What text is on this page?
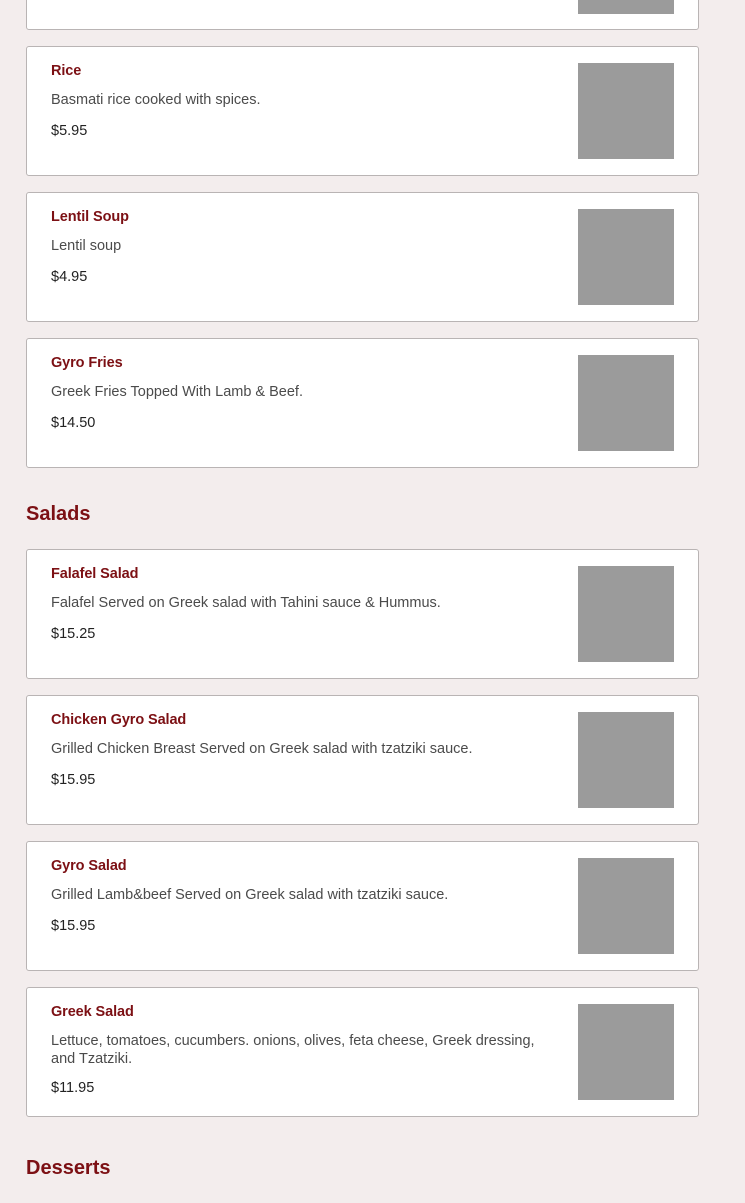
Rice
Basmati rice cooked with spices.
$5.95
Lentil Soup
Lentil soup
$4.95
Gyro Fries
Greek Fries Topped With Lamb & Beef.
$14.50
Salads
Falafel Salad
Falafel Served on Greek salad with Tahini sauce & Hummus.
$15.25
Chicken Gyro Salad
Grilled Chicken Breast Served on Greek salad with tzatziki sauce.
$15.95
Gyro Salad
Grilled Lamb&beef Served on Greek salad with tzatziki sauce.
$15.95
Greek Salad
Lettuce, tomatoes, cucumbers. onions, olives, feta cheese, Greek dressing, and Tzatziki.
$11.95
Desserts
